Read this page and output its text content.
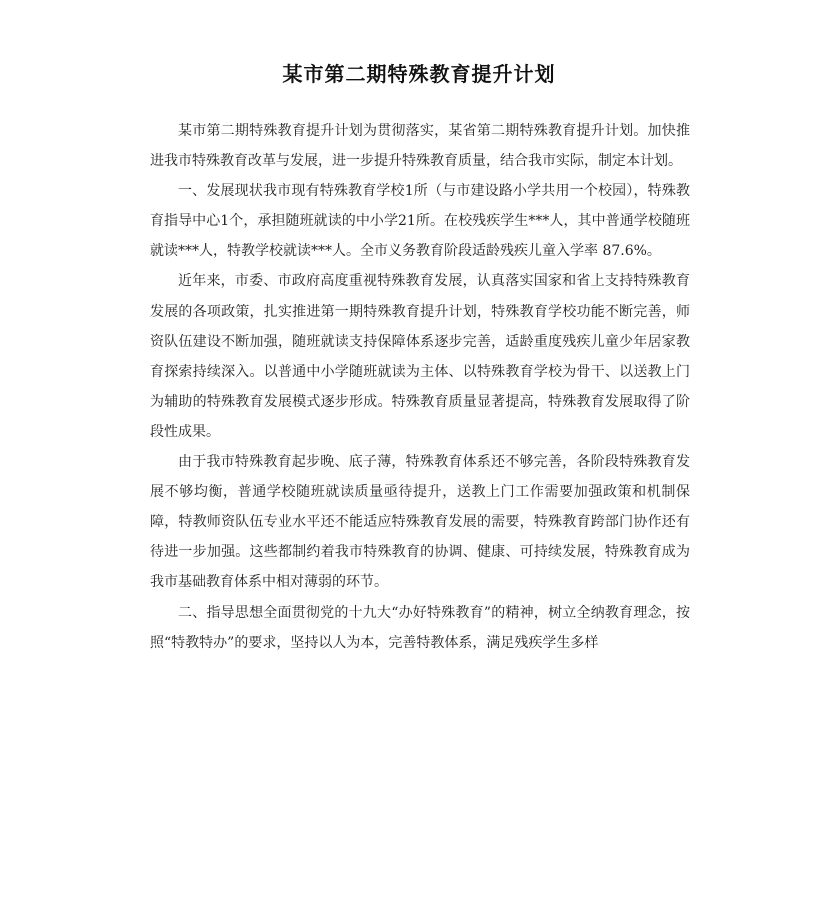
某市第二期特殊教育提升计划

某市第二期特殊教育提升计划为贯彻落实，某省第二期特殊教育提升计划。加快推进我市特殊教育改革与发展，进一步提升特殊教育质量，结合我市实际，制定本计划。

一、发展现状我市现有特殊教育学校1所（与市建设路小学共用一个校园），特殊教育指导中心1个，承担随班就读的中小学21所。在校残疾学生***人，其中普通学校随班就读***人，特教学校就读***人。全市义务教育阶段适龄残疾儿童入学率 87.6%。

近年来，市委、市政府高度重视特殊教育发展，认真落实国家和省上支持特殊教育发展的各项政策，扎实推进第一期特殊教育提升计划，特殊教育学校功能不断完善，师资队伍建设不断加强，随班就读支持保障体系逐步完善，适龄重度残疾儿童少年居家教育探索持续深入。以普通中小学随班就读为主体、以特殊教育学校为骨干、以送教上门为辅助的特殊教育发展模式逐步形成。特殊教育质量显著提高，特殊教育发展取得了阶段性成果。

由于我市特殊教育起步晚、底子薄，特殊教育体系还不够完善，各阶段特殊教育发展不够均衡，普通学校随班就读质量亟待提升，送教上门工作需要加强政策和机制保障，特教师资队伍专业水平还不能适应特殊教育发展的需要，特殊教育跨部门协作还有待进一步加强。这些都制约着我市特殊教育的协调、健康、可持续发展，特殊教育成为我市基础教育体系中相对薄弱的环节。

二、指导思想全面贯彻党的十九大“办好特殊教育”的精神，树立全纳教育理念，按照“特教特办”的要求，坚持以人为本，完善特教体系，满足残疾学生多样
